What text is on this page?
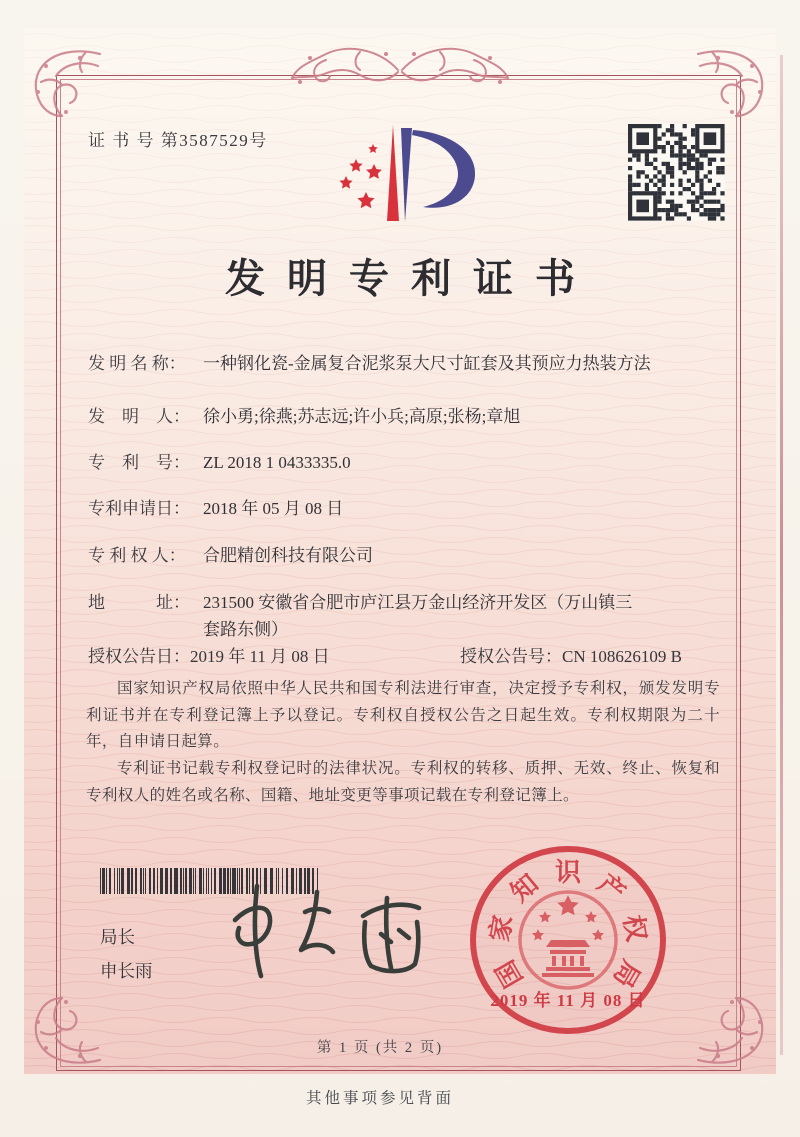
证 书 号 第3587529号
发明专利证书
发 明 名 称： 一种钢化瓷-金属复合泥浆泵大尺寸缸套及其预应力热装方法
发　明　人： 徐小勇;徐燕;苏志远;许小兵;高原;张杨;章旭
专　利　号： ZL 2018 1 0433335.0
专利申请日： 2018 年 05 月 08 日
专 利 权 人： 合肥精创科技有限公司
地　　　址： 231500 安徽省合肥市庐江县万金山经济开发区（万山镇三套路东侧）
授权公告日：2019 年 11 月 08 日	授权公告号：CN 108626109 B

国家知识产权局依照中华人民共和国专利法进行审查，决定授予专利权，颁发发明专利证书并在专利登记簿上予以登记。专利权自授权公告之日起生效。专利权期限为二十年，自申请日起算。

专利证书记载专利权登记时的法律状况。专利权的转移、质押、无效、终止、恢复和专利权人的姓名或名称、国籍、地址变更等事项记载在专利登记簿上。

局长
申长雨	国
家
知 识 产
权
局
2019 年 11 月 08 日
第 1 页 (共 2 页)
其他事项参见背面
